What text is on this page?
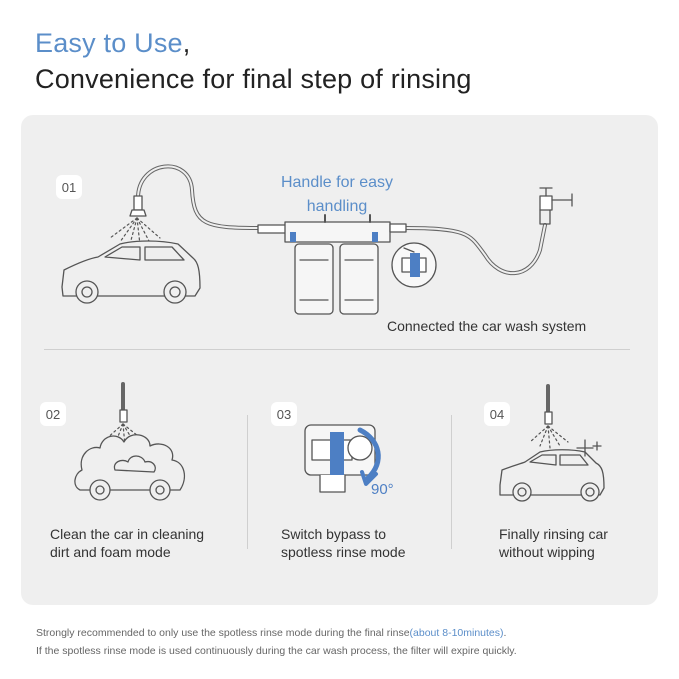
Easy to Use,
Convenience for final step of rinsing
01	Handle for easy
handling
Connected the car wash system
02	03	04
Clean the car in cleaning
dirt and foam mode
Switch bypass to
spotless rinse mode
Finally rinsing car
without wipping
90°
Strongly recommended to only use the spotless rinse mode during the final rinse(about 8-10minutes).
If the spotless rinse mode is used continuously during the car wash process, the filter will expire quickly.
